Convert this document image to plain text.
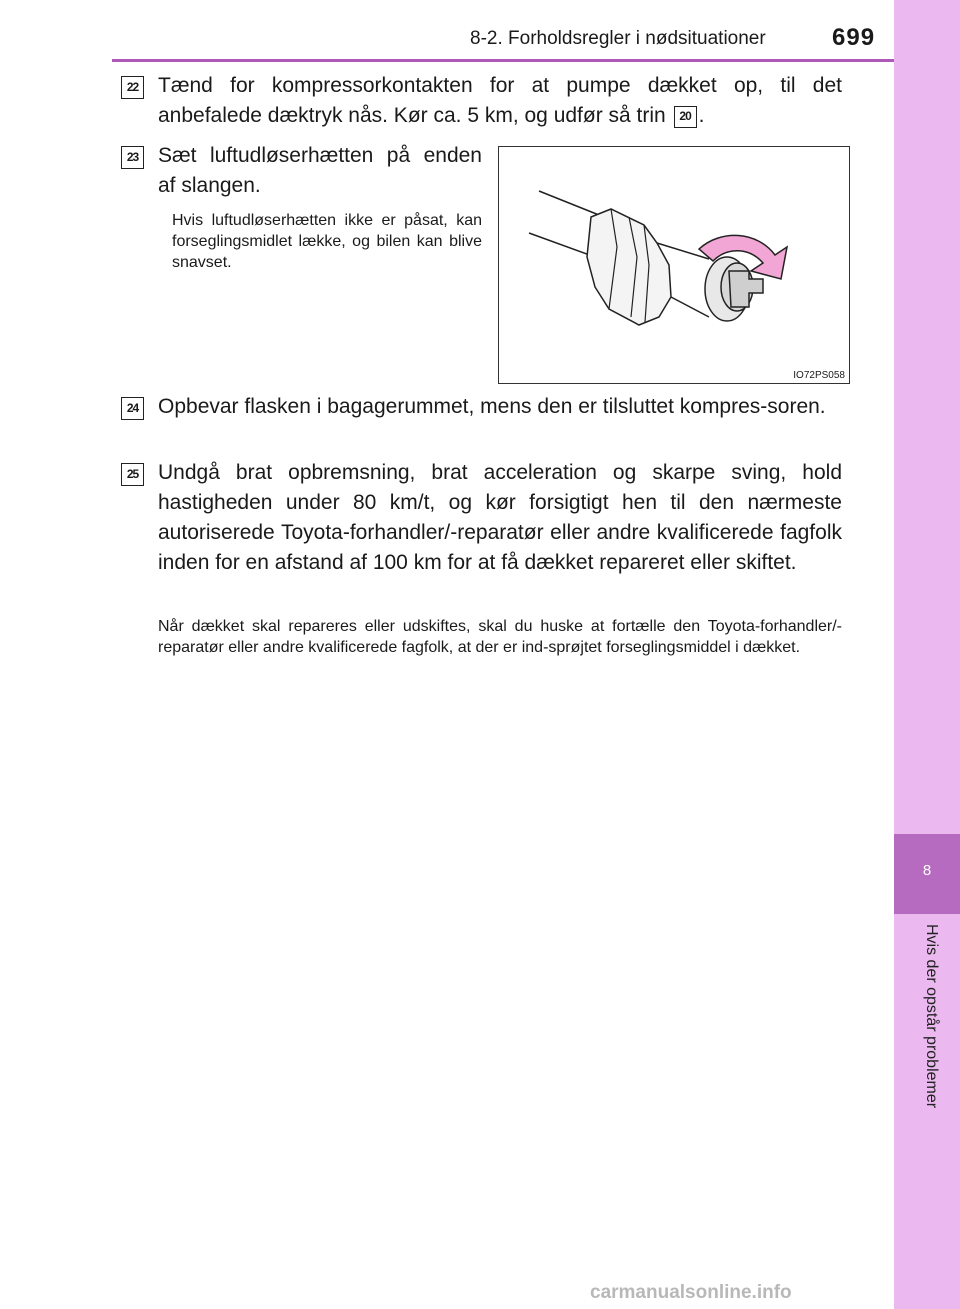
8-2. Forholdsregler i nødsituationer	699
8
Hvis der opstår problemer
22 Tænd for kompressorkontakten for at pumpe dækket op, til det anbefalede dæktryk nås. Kør ca. 5 km, og udfør så trin 20 .
23 Sæt luftudløserhætten på enden af slangen.
Hvis luftudløserhætten ikke er påsat, kan forseglingsmidlet lække, og bilen kan blive snavset.
IO72PS058
24 Opbevar flasken i bagagerummet, mens den er tilsluttet kompres-soren.
25 Undgå brat opbremsning, brat acceleration og skarpe sving, hold hastigheden under 80 km/t, og kør forsigtigt hen til den nærmeste autoriserede Toyota-forhandler/-reparatør eller andre kvalificerede fagfolk inden for en afstand af 100 km for at få dækket repareret eller skiftet.
Når dækket skal repareres eller udskiftes, skal du huske at fortælle den Toyota-forhandler/-reparatør eller andre kvalificerede fagfolk, at der er ind-sprøjtet forseglingsmiddel i dækket.
carmanualsonline.info
